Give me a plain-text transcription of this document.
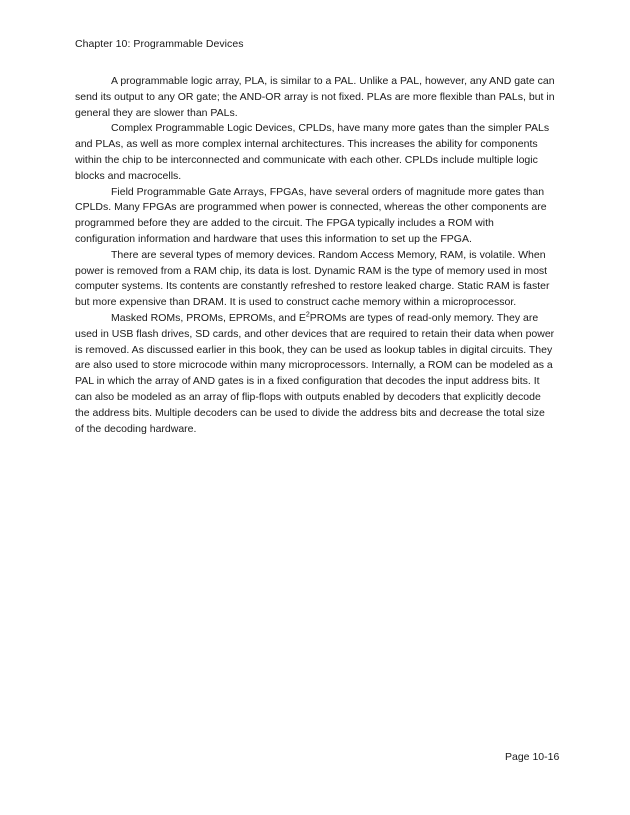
Chapter 10: Programmable Devices

A programmable logic array, PLA, is similar to a PAL. Unlike a PAL, however, any AND gate can send its output to any OR gate; the AND-OR array is not fixed. PLAs are more flexible than PALs, but in general they are slower than PALs.

Complex Programmable Logic Devices, CPLDs, have many more gates than the simpler PALs and PLAs, as well as more complex internal architectures. This increases the ability for components within the chip to be interconnected and communicate with each other. CPLDs include multiple logic blocks and macrocells.

Field Programmable Gate Arrays, FPGAs, have several orders of magnitude more gates than CPLDs. Many FPGAs are programmed when power is connected, whereas the other components are programmed before they are added to the circuit. The FPGA typically includes a ROM with configuration information and hardware that uses this information to set up the FPGA.

There are several types of memory devices. Random Access Memory, RAM, is volatile. When power is removed from a RAM chip, its data is lost. Dynamic RAM is the type of memory used in most computer systems. Its contents are constantly refreshed to restore leaked charge. Static RAM is faster but more expensive than DRAM. It is used to construct cache memory within a microprocessor.

Masked ROMs, PROMs, EPROMs, and $E^2PROMs$ are types of read-only memory. They are used in USB flash drives, SD cards, and other devices that are required to retain their data when power is removed. As discussed earlier in this book, they can be used as lookup tables in digital circuits. They are also used to store microcode within many microprocessors. Internally, a ROM can be modeled as a PAL in which the array of AND gates is in a fixed configuration that decodes the input address bits. It can also be modeled as an array of flip-flops with outputs enabled by decoders that explicitly decode the address bits. Multiple decoders can be used to divide the address bits and decrease the total size of the decoding hardware.

Page 10-16
